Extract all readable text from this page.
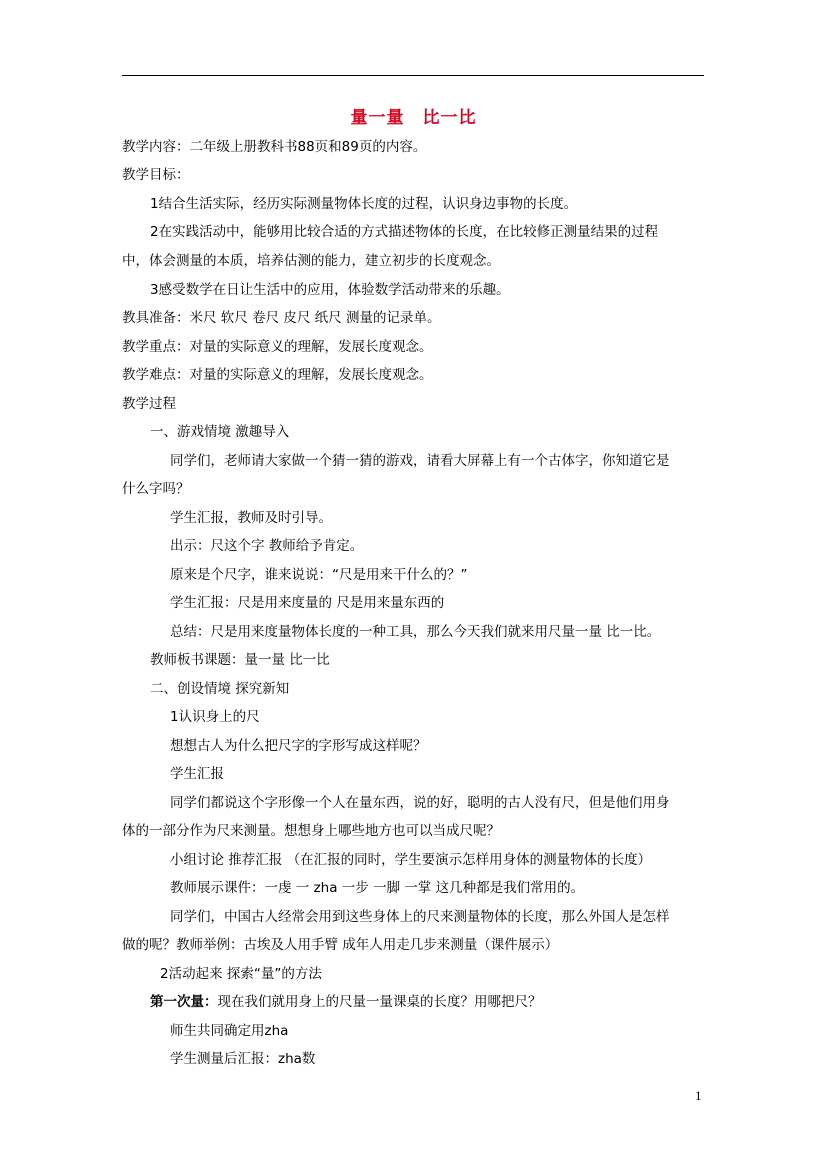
量一量　比一比
教学内容：二年级上册教科书88页和89页的内容。
教学目标：
1结合生活实际，经历实际测量物体长度的过程，认识身边事物的长度。
2在实践活动中，能够用比较合适的方式描述物体的长度，在比较修正测量结果的过程
中，体会测量的本质，培养估测的能力，建立初步的长度观念。
3感受数学在日让生活中的应用，体验数学活动带来的乐趣。
教具准备：米尺 软尺 卷尺 皮尺 纸尺 测量的记录单。
教学重点：对量的实际意义的理解，发展长度观念。
教学难点：对量的实际意义的理解，发展长度观念。
教学过程
一、游戏情境 激趣导入
同学们，老师请大家做一个猜一猜的游戏，请看大屏幕上有一个古体字，你知道它是
什么字吗？
学生汇报，教师及时引导。
出示：尺这个字 教师给予肯定。
原来是个尺字，谁来说说：“尺是用来干什么的？”
学生汇报：尺是用来度量的 尺是用来量东西的
总结：尺是用来度量物体长度的一种工具，那么今天我们就来用尺量一量 比一比。
教师板书课题：量一量 比一比
二、创设情境 探究新知
1认识身上的尺
想想古人为什么把尺字的字形写成这样呢？
学生汇报
同学们都说这个字形像一个人在量东西，说的好，聪明的古人没有尺，但是他们用身
体的一部分作为尺来测量。想想身上哪些地方也可以当成尺呢？
小组讨论 推荐汇报 （在汇报的同时，学生要演示怎样用身体的测量物体的长度）
教师展示课件：一虔 一 zha 一步 一脚 一掌 这几种都是我们常用的。
同学们，中国古人经常会用到这些身体上的尺来测量物体的长度，那么外国人是怎样
做的呢？教师举例：古埃及人用手臂 成年人用走几步来测量（课件展示）
2活动起来 探索“量”的方法
第一次量：现在我们就用身上的尺量一量课桌的长度？用哪把尺？
师生共同确定用zha
学生测量后汇报：zha数
1
